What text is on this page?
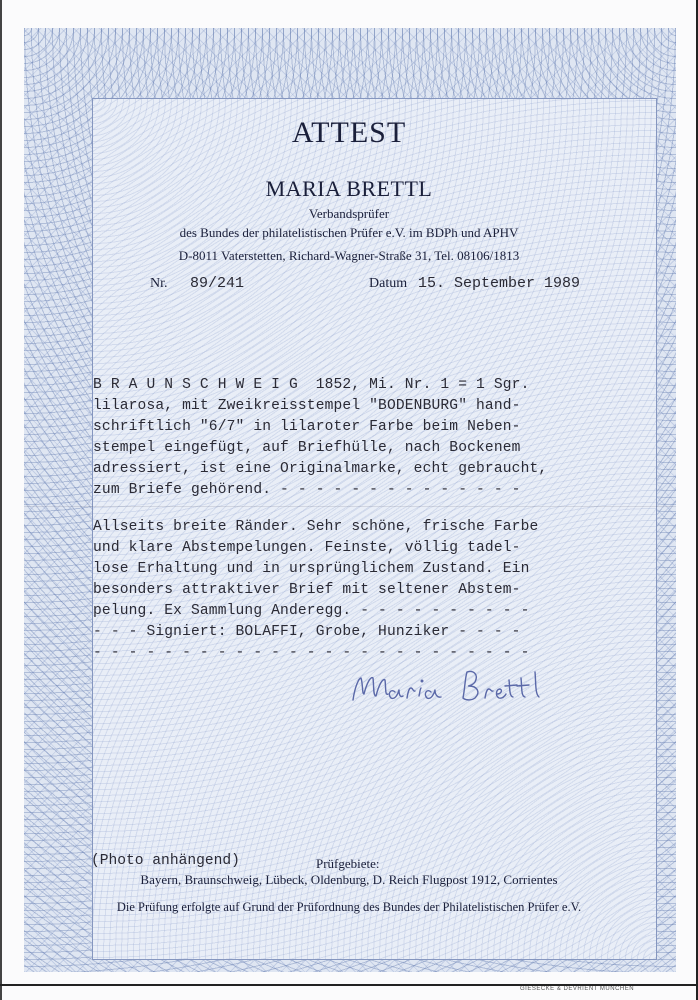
ATTEST
MARIA BRETTL
Verbandsprüfer
des Bundes der philatelistischen Prüfer e.V. im BDPh und APHV
D-8011 Vaterstetten, Richard-Wagner-Straße 31, Tel. 08106/1813
Nr. 89/241	Datum 15. September 1989
B R A U N S C H W E I G  1852, Mi. Nr. 1 = 1 Sgr.
lilarosa, mit Zweikreisstempel "BODENBURG" hand-
schriftlich "6/7" in lilaroter Farbe beim Neben-
stempel eingefügt, auf Briefhülle, nach Bockenem
adressiert, ist eine Originalmarke, echt gebraucht,
zum Briefe gehörend. - - - - - - - - - - - - - -
Allseits breite Ränder. Sehr schöne, frische Farbe
und klare Abstempelungen. Feinste, völlig tadel-
lose Erhaltung und in ursprünglichem Zustand. Ein
besonders attraktiver Brief mit seltener Abstem-
pelung. Ex Sammlung Anderegg. - - - - - - - - - -
- - - Signiert: BOLAFFI, Grobe, Hunziker - - - -
- - - - - - - - - - - - - - - - - - - - - - - - -
(Photo anhängend)	Prüfgebiete:
Bayern, Braunschweig, Lübeck, Oldenburg, D. Reich Flugpost 1912, Corrientes
Die Prüfung erfolgte auf Grund der Prüfordnung des Bundes der Philatelistischen Prüfer e.V.
GIESECKE & DEVRIENT MÜNCHEN
